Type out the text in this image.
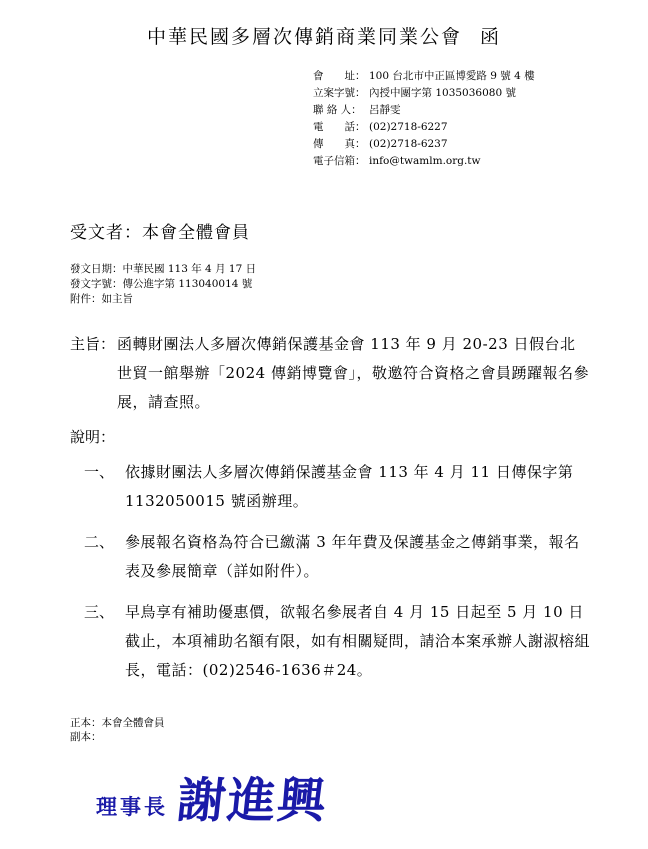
中華民國多層次傳銷商業同業公會 函
會　　址： 100 台北市中正區博愛路 9 號 4 樓
立案字號： 內授中團字第 1035036080 號
聯 絡 人： 呂靜雯
電　　話： (02)2718-6227
傳　　真： (02)2718-6237
電子信箱： info@twamlm.org.tw
受文者：本會全體會員
發文日期：中華民國 113 年 4 月 17 日
發文字號：傳公進字第 113040014 號
附件：如主旨
主旨： 函轉財團法人多層次傳銷保護基金會 113 年 9 月 20-23 日假台北世貿一館舉辦「2024 傳銷博覽會」，敬邀符合資格之會員踴躍報名參展，請查照。
說明：
一、 依據財團法人多層次傳銷保護基金會 113 年 4 月 11 日傳保字第 1132050015 號函辦理。
二、 參展報名資格為符合已繳滿 3 年年費及保護基金之傳銷事業，報名表及參展簡章（詳如附件）。
三、 早鳥享有補助優惠價，欲報名參展者自 4 月 15 日起至 5 月 10 日截止，本項補助名額有限，如有相關疑問，請洽本案承辦人謝淑榕組長，電話：(02)2546-1636＃24。
正本：本會全體會員
副本：
理事長 謝進興
